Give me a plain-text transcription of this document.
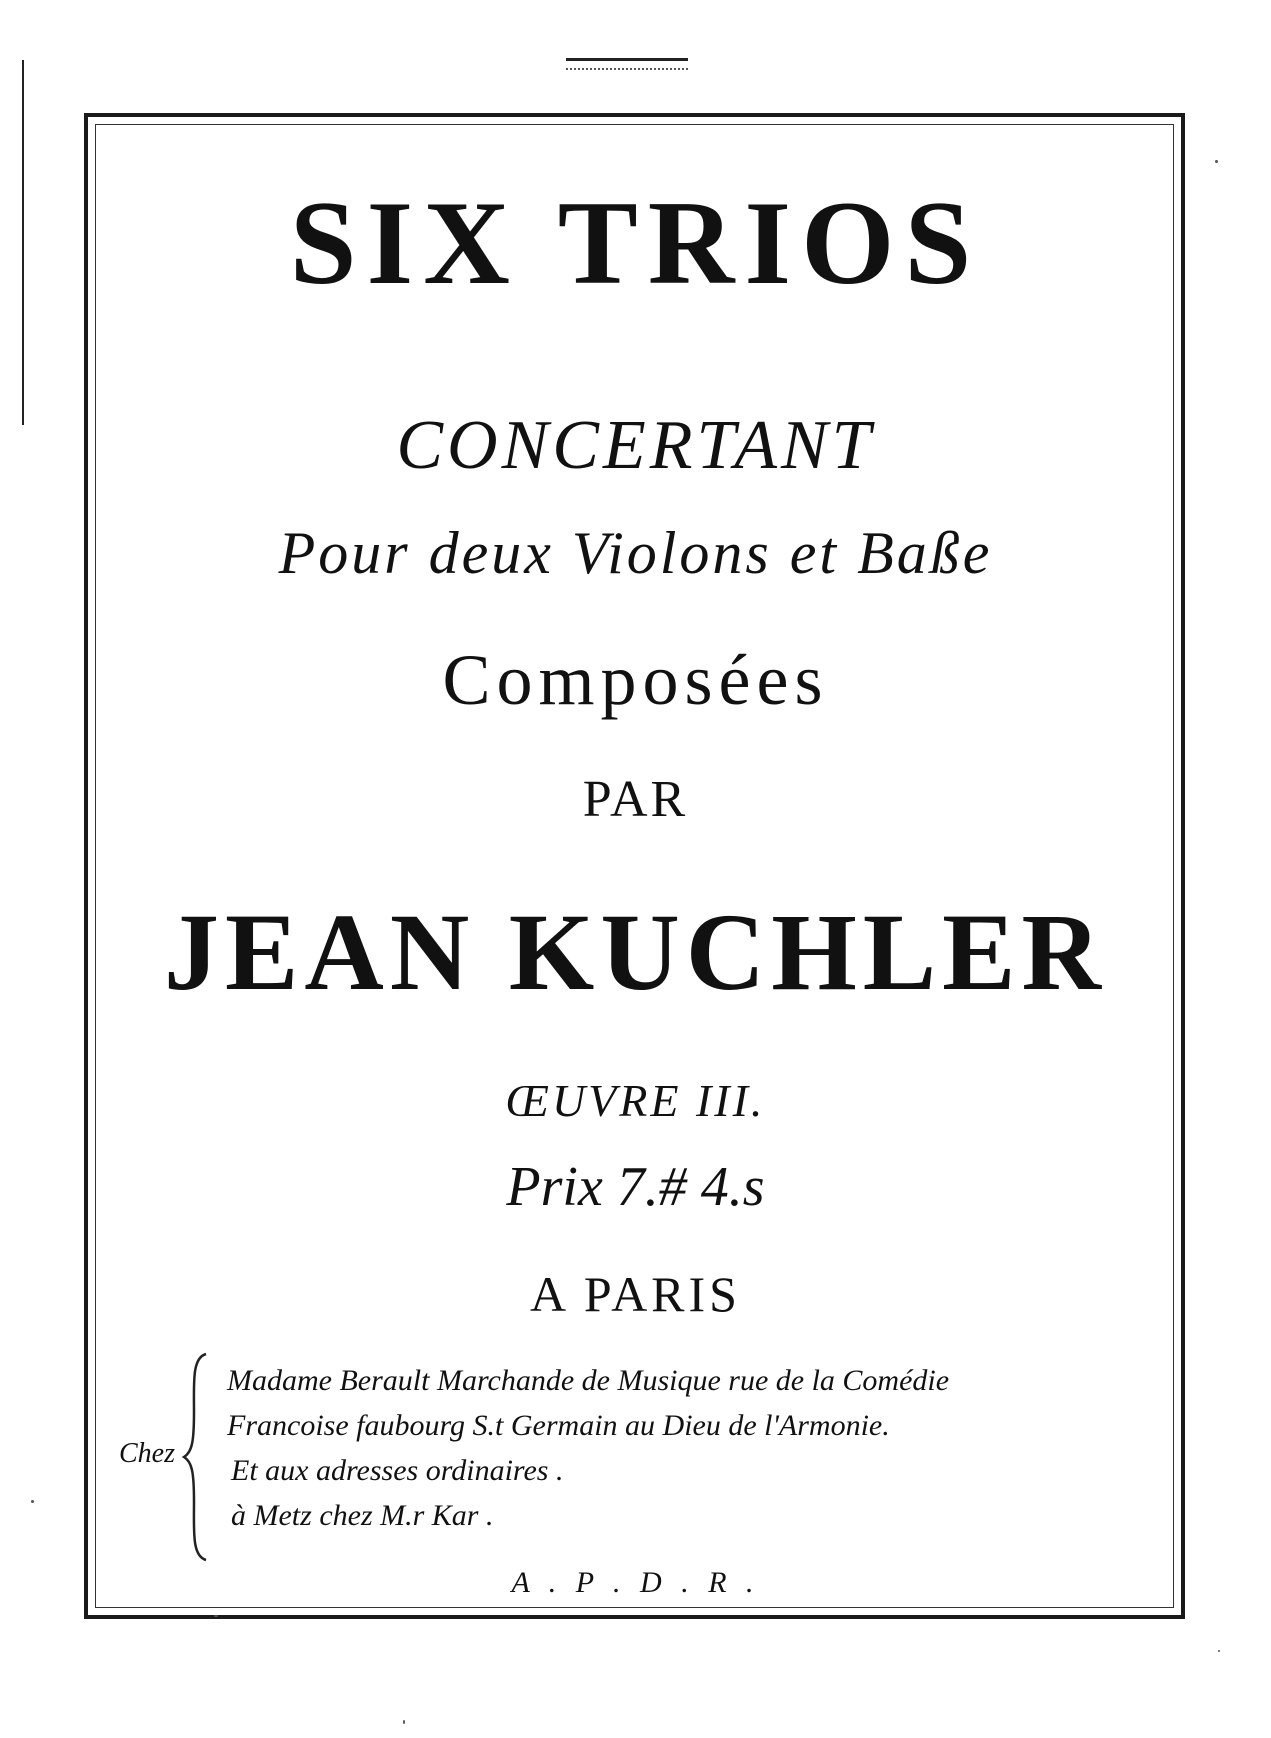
SIX TRIOS

CONCERTANT

Pour deux Violons et Baße

Composées

PAR

JEAN KUCHLER

ŒUVRE III.

Prix 7.# 4.s

A PARIS

Chez
Madame Berault Marchande de Musique rue de la Comédie
Francoise faubourg S.t Germain au Dieu de l'Armonie.
Et aux adresses ordinaires .
à Metz chez M.r Kar .

A . P . D . R .
